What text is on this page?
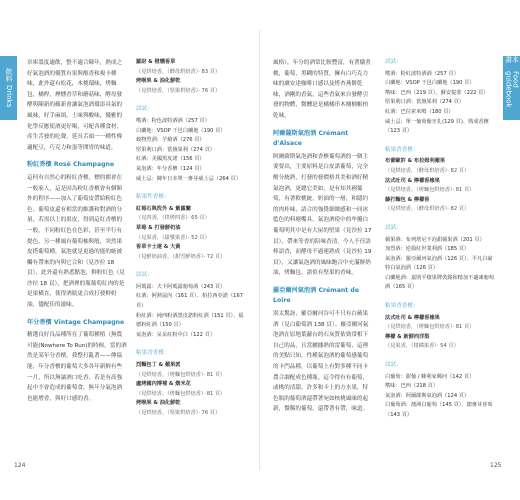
飲料
Drinks
本書
Food guidebook

章庫溫度適飲，整不適合陳年，熟成之好氣泡酒的優質有果與醇香和複卡種味，此外還有松花，木桃環味，烤麵包，橘桿，煙燻香草和蘑菇味，酵母發酵與陳新的蘊新會讓氣泡酒環添具氣的風味，好手麻煩，土味與酸味，優雅的化學反應使酒更好喝，可配各種食材，產生舌發的吃聲，延長舌頭一一種性傳適配豆，巧克力和蛋等開胃的味道。

粉紅香檳 Rosé Champagne

這何有自然心的粉紅香檳，標的都會在一般家人，這是因為粉紅香檳會有個額外的程序——加入了葡萄皮帶給粉紅色色。葡萄皮還有相當的維護和對酒的分量，若需以上的果皮，得到這紅香檳的一般，不同粉紅色在色彩，甚至平行有提色。另一種風有葡萄柚與般，突然果皮搭葡萄種，氣泡就是更過的能的統被觸有帶來的內與它合和（見沙拉 18 頁），此外還有熟悉點泡，鮮粉紅色（見沙拉 18 頁），把酒裡的瓶葡萄紅肉的是是果橫直，使得酒瓶更合成打發鮮奶油，儘配佳的滋味。

年分香檳 Vintage Champagne

精選良好良品種所在了葡萄種植（無農可能(Nowhere To Run)的時候，當的酒然是某年分香檳。我整打亂著——傳協能，年分香檳的葡萄大多各年新鮮有些一月，所以無論酒口吃香，若是有高強起中不會造成的葡萄食，無年分氣泡酒也能增香，與好口感的香。

羅財 & 橙燻香草
（見烘焙香，（酵母烘焙香）· 83 頁）
烤喉果 & 油化鮮乾
（見烘焙香，（堅果烘焙香）· 76 頁）
試試：
嗜酒：粉色波特酒酒（257 頁）
白蘭地：VSOP 干邑白蘭地（190 頁）
穀物烈酒：芋燒酒（276 頁）
堅果利口酒：當蕪果利（274 頁）
紅酒：美國黑皮諾（156 頁）
氣泡酒：年分香檳（124 頁）
威士忌：陳年日本單一麥芽威士忌（264 頁）
粘果性香檳：
紅莓石與洗外 & 紫羅蘭
（見四香，（烘烤四香）· 65 頁）
草莓 & 打發鮮奶油
（見果香，（甜漿果香）· 52 頁）
香草卡士達 & 大黃
（見鮮奶油香，（甜雪鮮奶香）· 72 頁）
試試：
阿瑪露：夫卡阿瑪露葡萄酒（243 頁）
紅酒：阿熱鼠內（161 頁）、柏拉西亞諾（167 頁）
粉紅酒：純西粉酒黑皮諾粉紅酒（151 頁）、福德粉紅酒（150 頁）
氣泡酒：呆呆紅粉中白（122 頁）
粘果香香檳：
烈麵包丁 & 蘋果派
（見烘焙香，（烤麵包烘焙香）· 81 頁）
盧烤國內博補 & 燉米花
（見烘焙香，（烤麵包烘焙香）· 81 頁）
烤喉果 & 油化鮮乾
（見烘焙香，（堅果烘焙香）· 76 頁）
124

風格），年分的酒常比較豐富，有著燉煮桃，葡萄，黑糊的特質，擁有白巧克力味的盧安達咖啡口感以及烤杏燕餅乾味，酒剛的香氣，這些香氣來自發酵引發的物體，微醺是是橘橘串木桶桶帳柏乾味。

阿爾薩斯氣泡酒 Crémant d'Alsace

阿爾薩斯氣泡酒和香檳葡萄酒的一個主要要出，主要原料是白皮諾葡萄，完全醒分統熟，打發的發價格其美和酒好精氣泡酒，更總它美如，是有知其國葡萄，有著軟桃統，奶油的一層，和隱約的肉桂味，請合的強覺細緻感和一同冰藍色的料塘嘴具，氣泡酒使中的牟擾白葡萄明其中是有大屋的堅果（見沙拉 17 頁），帶來等香的陪味香清，今人不任語棒語香，而酵母不過連熟成（見沙拉 19 頁），又讓氣泡酒的風味飽合中充滿鮮奶油，烤麵包，諾似有堅果的香味。

羅亞爾河氣泡酒 Crémant de Loire

別太驚訝，羅亞爾河谷可不只有白蘋果酒（見白葡萄酒 138 頁）。羅亞爾河氣泡酒在原地葉蘿台的石灰質依勁常相下自己的品，且當屬據熟的雷葡萄，這裡的美點只知，性種氣泡酒的葡萄感葡萄的卡門品種，以葡萄上有對多種不同卡農合調配成色種瓶。這令得有有葡萄，或桃的清甜，許多和卡上的方水果，特色瓶的葡萄酒還帶著宛如核桃風味的起新，微稀的葡萄，還帶著有帶，味道。

試試：
嗜酒：粉紅波特酒酒（257 頁）
白蘭地：VSOP 干邑白蘭地（190 頁）
嗜味：巴西（219 頁）、蘇安提蒙（222 頁）
堅果利口酒：當蕪果利（274 頁）
紅酒：巴拉索米鳴（180 頁）
威士忌：單一葡萄葡牙扎(129 頁)、熟成香檳（123 頁）
粘果香香檳：
布蕾歐許 & 布拉姆利蘋果
（見烘焙香，（酵母烘焙香）· 82 頁）
法式吐司 & 檸檬香橡果
（見烘焙香，（烤麵包烘焙香）· 81 頁）
藤打麵包 & 檸檬香
（見烘焙香，（酵母烘焙香）· 82 頁）
試試：
蘋果酒：布列塔尼不泡甜蘋果酒（201 頁）
加烈酒：逆篇紅世業利酒（185 頁）
氣泡酒：羅亞爾河氣泡酒（126 頁）、平凡白豪特白氣泡酒（126 頁）
白蘭地酒：嘉則平燉果牌裝銘和精加不適凍葡萄酒（165 頁）
粘果香香檳：
法式吐司 & 檸檬香橡果
（見烘焙香，（烤麵包烘焙香）· 81 頁）
檸檬 & 新鮮西洋梨
（見果香，（柑橘果香）· 54 頁）
試試：
白葡萄：甜葡 / 蜂利家郵河（142 頁）
嗜味：巴西（218 頁）
氣泡酒：阿爾薩斯氣泡酒（124 頁）
白葡萄酒：澳洲白葡萄（145 頁）、總麥芽喜萄（143 頁）
125
